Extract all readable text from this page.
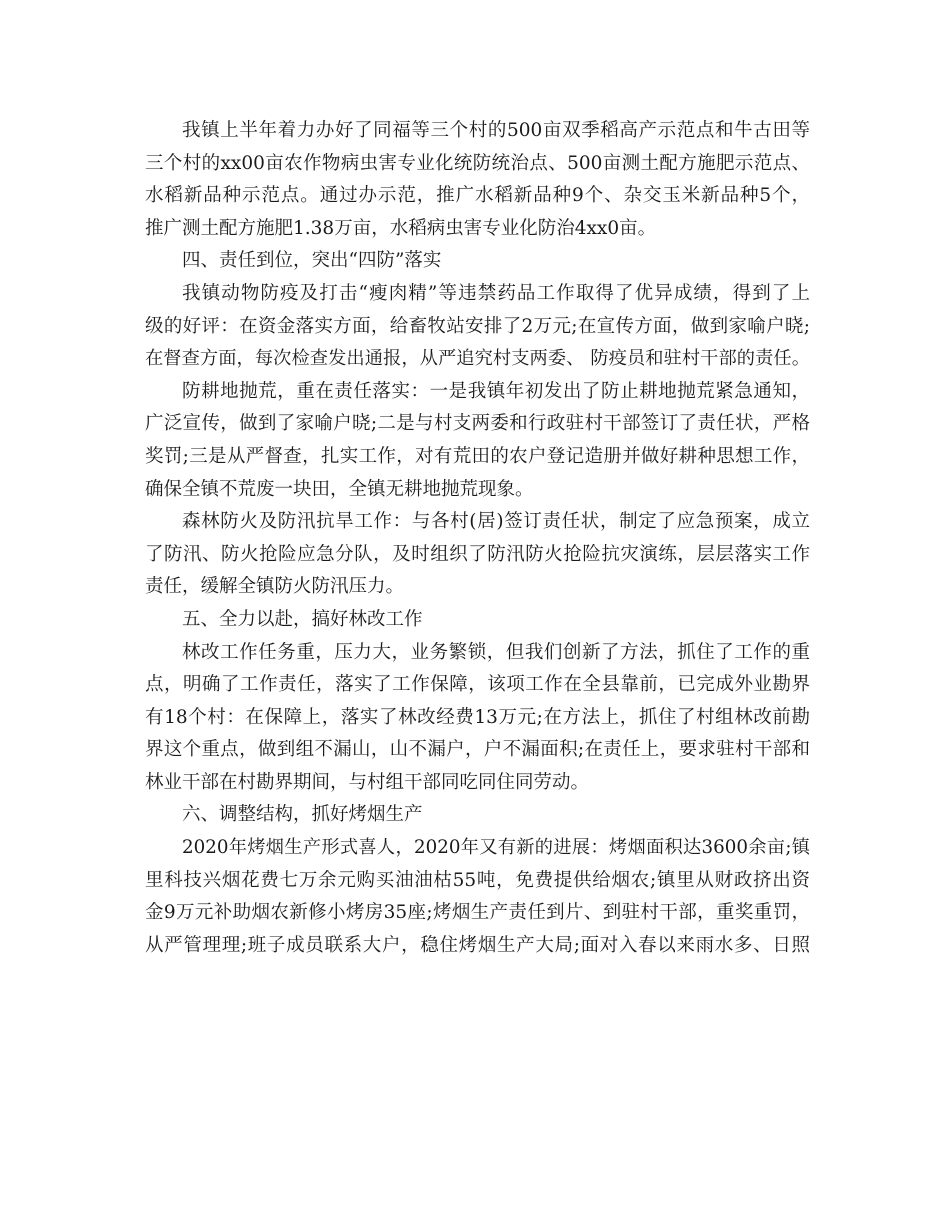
我镇上半年着力办好了同福等三个村的500亩双季稻高产示范点和牛古田等
三个村的xx00亩农作物病虫害专业化统防统治点、500亩测土配方施肥示范点、
水稻新品种示范点。通过办示范，推广水稻新品种9个、杂交玉米新品种5个，
推广测土配方施肥1.38万亩，水稻病虫害专业化防治4xx0亩。
四、责任到位，突出“四防”落实
我镇动物防疫及打击“瘦肉精”等违禁药品工作取得了优异成绩，得到了上
级的好评：在资金落实方面，给畜牧站安排了2万元;在宣传方面，做到家喻户晓;
在督查方面，每次检查发出通报，从严追究村支两委、 防疫员和驻村干部的责任。
防耕地抛荒，重在责任落实：一是我镇年初发出了防止耕地抛荒紧急通知，
广泛宣传，做到了家喻户晓;二是与村支两委和行政驻村干部签订了责任状，严格
奖罚;三是从严督查，扎实工作，对有荒田的农户登记造册并做好耕种思想工作，
确保全镇不荒废一块田，全镇无耕地抛荒现象。
森林防火及防汛抗旱工作：与各村(居)签订责任状，制定了应急预案，成立
了防汛、防火抢险应急分队，及时组织了防汛防火抢险抗灾演练，层层落实工作
责任，缓解全镇防火防汛压力。
五、全力以赴，搞好林改工作
林改工作任务重，压力大，业务繁锁，但我们创新了方法，抓住了工作的重
点，明确了工作责任，落实了工作保障，该项工作在全县靠前，已完成外业勘界
有18个村：在保障上，落实了林改经费13万元;在方法上，抓住了村组林改前勘
界这个重点，做到组不漏山，山不漏户，户不漏面积;在责任上，要求驻村干部和
林业干部在村勘界期间，与村组干部同吃同住同劳动。
六、调整结构，抓好烤烟生产
2020年烤烟生产形式喜人，2020年又有新的进展：烤烟面积达3600余亩;镇
里科技兴烟花费七万余元购买油油枯55吨，免费提供给烟农;镇里从财政挤出资
金9万元补助烟农新修小烤房35座;烤烟生产责任到片、到驻村干部，重奖重罚，
从严管理理;班子成员联系大户，稳住烤烟生产大局;面对入春以来雨水多、日照
